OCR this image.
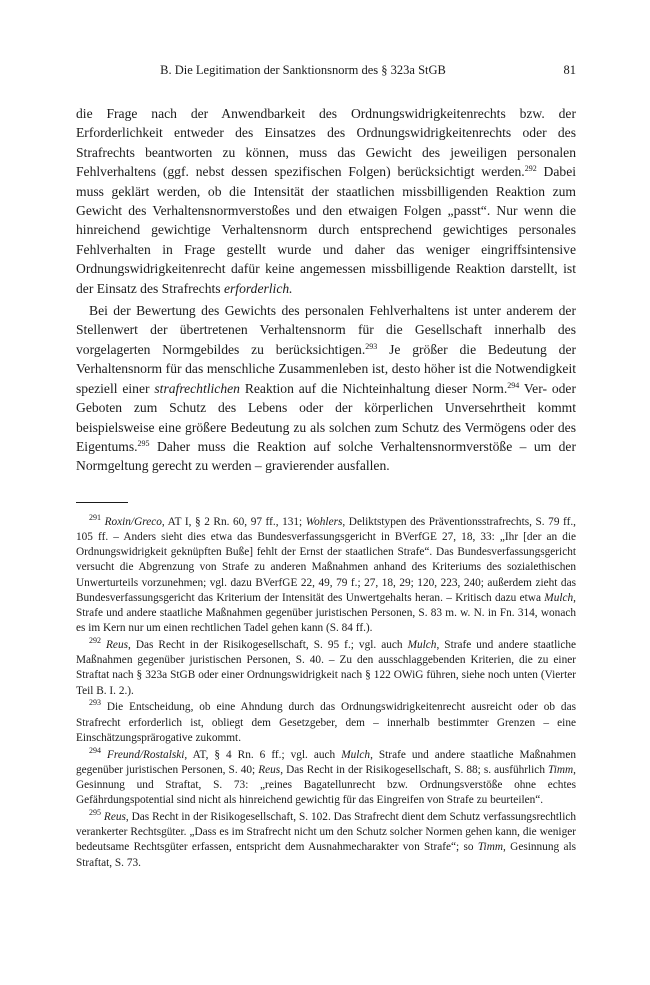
B. Die Legitimation der Sanktionsnorm des § 323a StGB	81

die Frage nach der Anwendbarkeit des Ordnungswidrigkeitenrechts bzw. der Erforderlichkeit entweder des Einsatzes des Ordnungswidrigkeitenrechts oder des Strafrechts beantworten zu können, muss das Gewicht des jeweiligen personalen Fehlverhaltens (ggf. nebst dessen spezifischen Folgen) berücksichtigt werden.$^{292}$ Dabei muss geklärt werden, ob die Intensität der staatlichen missbilligenden Reaktion zum Gewicht des Verhaltensnormverstoßes und den etwaigen Folgen „passt“. Nur wenn die hinreichend gewichtige Verhaltensnorm durch entsprechend gewichtiges personales Fehlverhalten in Frage gestellt wurde und daher das weniger eingriffsintensive Ordnungswidrigkeitenrecht dafür keine angemessen missbilligende Reaktion darstellt, ist der Einsatz des Strafrechts erforderlich.

Bei der Bewertung des Gewichts des personalen Fehlverhaltens ist unter anderem der Stellenwert der übertretenen Verhaltensnorm für die Gesellschaft innerhalb des vorgelagerten Normgebildes zu berücksichtigen.$^{293}$ Je größer die Bedeutung der Verhaltensnorm für das menschliche Zusammenleben ist, desto höher ist die Notwendigkeit speziell einer strafrechtlichen Reaktion auf die Nichteinhaltung dieser Norm.$^{294}$ Ver- oder Geboten zum Schutz des Lebens oder der körperlichen Unversehrtheit kommt beispielsweise eine größere Bedeutung zu als solchen zum Schutz des Vermögens oder des Eigentums.$^{295}$ Daher muss die Reaktion auf solche Verhaltensnormverstöße – um der Normgeltung gerecht zu werden – gravierender ausfallen.

$^{291}$ Roxin/Greco, AT I, § 2 Rn. 60, 97 ff., 131; Wohlers, Deliktstypen des Präventionsstrafrechts, S. 79 ff., 105 ff. – Anders sieht dies etwa das Bundesverfassungsgericht in BVerfGE 27, 18, 33: „Ihr [der an die Ordnungswidrigkeit geknüpften Buße] fehlt der Ernst der staatlichen Strafe“. Das Bundesverfassungsgericht versucht die Abgrenzung von Strafe zu anderen Maßnahmen anhand des Kriteriums des sozialethischen Unwerturteils vorzunehmen; vgl. dazu BVerfGE 22, 49, 79 f.; 27, 18, 29; 120, 223, 240; außerdem zieht das Bundesverfassungsgericht das Kriterium der Intensität des Unwertgehalts heran. – Kritisch dazu etwa Mulch, Strafe und andere staatliche Maßnahmen gegenüber juristischen Personen, S. 83 m. w. N. in Fn. 314, wonach es im Kern nur um einen rechtlichen Tadel gehen kann (S. 84 ff.).

$^{292}$ Reus, Das Recht in der Risikogesellschaft, S. 95 f.; vgl. auch Mulch, Strafe und andere staatliche Maßnahmen gegenüber juristischen Personen, S. 40. – Zu den ausschlaggebenden Kriterien, die zu einer Straftat nach § 323a StGB oder einer Ordnungswidrigkeit nach § 122 OWiG führen, siehe noch unten (Vierter Teil B. I. 2.).

$^{293}$ Die Entscheidung, ob eine Ahndung durch das Ordnungswidrigkeitenrecht ausreicht oder ob das Strafrecht erforderlich ist, obliegt dem Gesetzgeber, dem – innerhalb bestimmter Grenzen – eine Einschätzungsprärogative zukommt.

$^{294}$ Freund/Rostalski, AT, § 4 Rn. 6 ff.; vgl. auch Mulch, Strafe und andere staatliche Maßnahmen gegenüber juristischen Personen, S. 40; Reus, Das Recht in der Risikogesellschaft, S. 88; s. ausführlich Timm, Gesinnung und Straftat, S. 73: „reines Bagatellunrecht bzw. Ordnungsverstöße ohne echtes Gefährdungspotential sind nicht als hinreichend gewichtig für das Eingreifen von Strafe zu beurteilen“.

$^{295}$ Reus, Das Recht in der Risikogesellschaft, S. 102. Das Strafrecht dient dem Schutz verfassungsrechtlich verankerter Rechtsgüter. „Dass es im Strafrecht nicht um den Schutz solcher Normen gehen kann, die weniger bedeutsame Rechtsgüter erfassen, entspricht dem Ausnahmecharakter von Strafe“; so Timm, Gesinnung als Straftat, S. 73.
